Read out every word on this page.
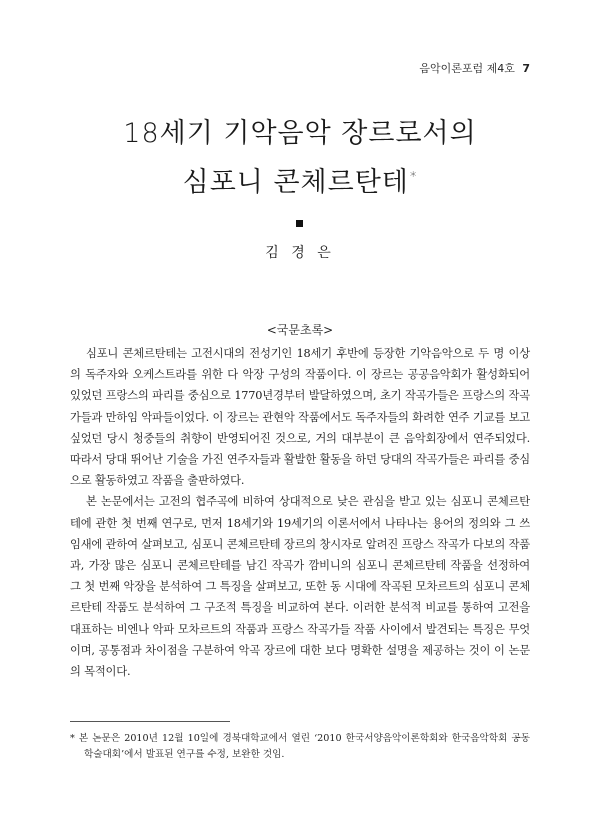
음악이론포럼 제4호 7
18세기 기악음악 장르로서의
심포니 콘체르탄테*
김 경 은
<국문초록>

심포니 콘체르탄테는 고전시대의 전성기인 18세기 후반에 등장한 기악음악으로 두 명 이상의 독주자와 오케스트라를 위한 다 악장 구성의 작품이다. 이 장르는 공공음악회가 활성화되어 있었던 프랑스의 파리를 중심으로 1770년경부터 발달하였으며, 초기 작곡가들은 프랑스의 작곡가들과 만하임 악파들이었다. 이 장르는 관현악 작품에서도 독주자들의 화려한 연주 기교를 보고 싶었던 당시 청중들의 취향이 반영되어진 것으로, 거의 대부분이 큰 음악회장에서 연주되었다. 따라서 당대 뛰어난 기술을 가진 연주자들과 활발한 활동을 하던 당대의 작곡가들은 파리를 중심으로 활동하였고 작품을 출판하였다.

본 논문에서는 고전의 협주곡에 비하여 상대적으로 낮은 관심을 받고 있는 심포니 콘체르탄테에 관한 첫 번째 연구로, 먼저 18세기와 19세기의 이론서에서 나타나는 용어의 정의와 그 쓰임새에 관하여 살펴보고, 심포니 콘체르탄테 장르의 창시자로 알려진 프랑스 작곡가 다보의 작품과, 가장 많은 심포니 콘체르탄테를 남긴 작곡가 깜비니의 심포니 콘체르탄테 작품을 선정하여 그 첫 번째 악장을 분석하여 그 특징을 살펴보고, 또한 동 시대에 작곡된 모차르트의 심포니 콘체르탄테 작품도 분석하여 그 구조적 특징을 비교하여 본다. 이러한 분석적 비교를 통하여 고전을 대표하는 비엔나 악파 모차르트의 작품과 프랑스 작곡가들 작품 사이에서 발견되는 특징은 무엇이며, 공통점과 차이점을 구분하여 악곡 장르에 대한 보다 명확한 설명을 제공하는 것이 이 논문의 목적이다.

* 본 논문은 2010년 12월 10일에 경북대학교에서 열린 ‘2010 한국서양음악이론학회와 한국음악학회 공동 학술대회’에서 발표된 연구를 수정, 보완한 것임.
